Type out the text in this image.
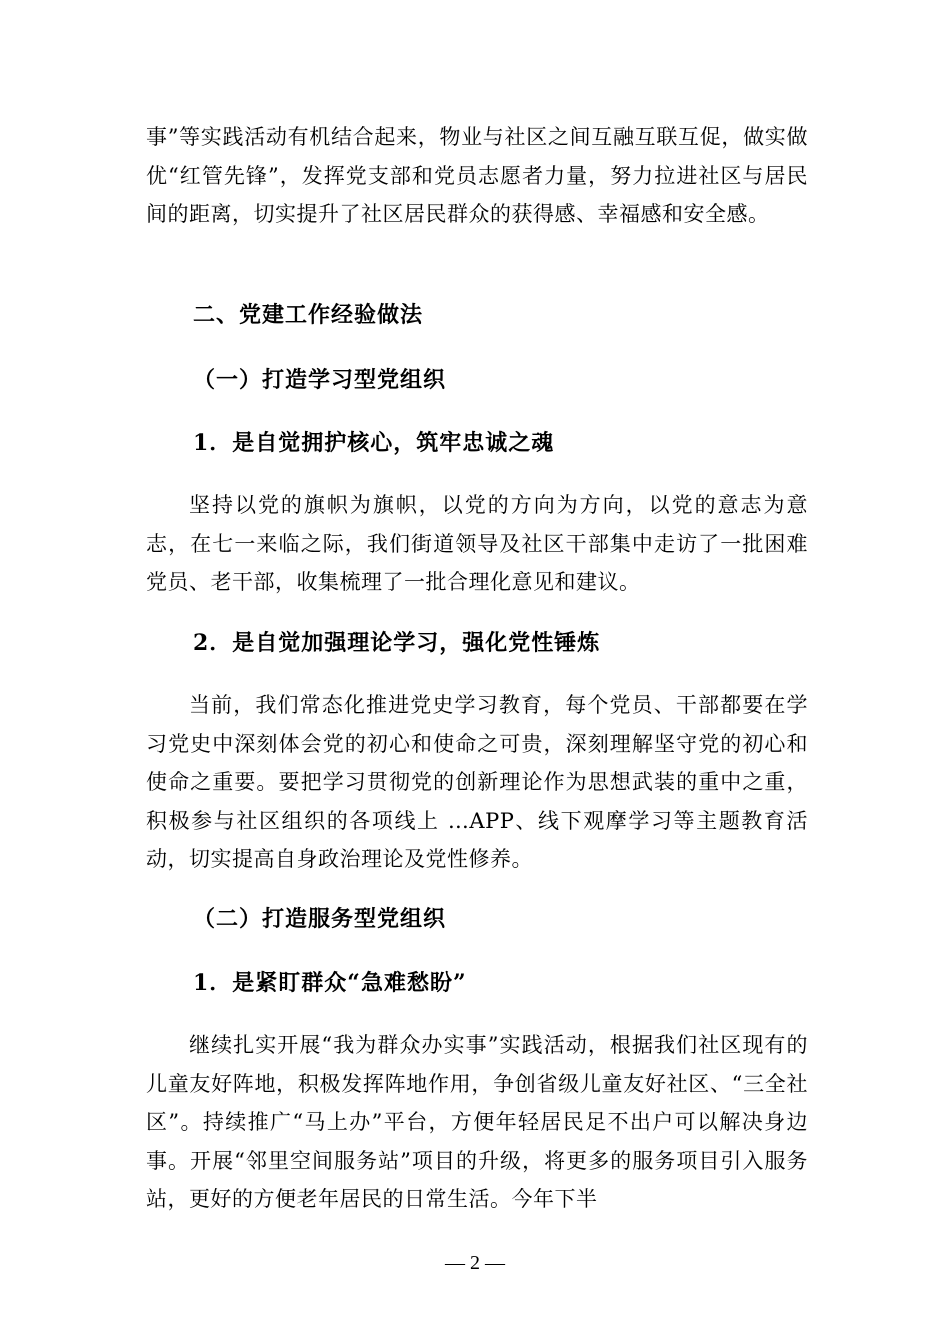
事”等实践活动有机结合起来，物业与社区之间互融互联互促，做实做优“红管先锋”，发挥党支部和党员志愿者力量，努力拉进社区与居民间的距离，切实提升了社区居民群众的获得感、幸福感和安全感。

二、党建工作经验做法
（一）打造学习型党组织
1．是自觉拥护核心，筑牢忠诚之魂

坚持以党的旗帜为旗帜，以党的方向为方向，以党的意志为意志，在七一来临之际，我们街道领导及社区干部集中走访了一批困难党员、老干部，收集梳理了一批合理化意见和建议。

2．是自觉加强理论学习，强化党性锤炼

当前，我们常态化推进党史学习教育，每个党员、干部都要在学习党史中深刻体会党的初心和使命之可贵，深刻理解坚守党的初心和使命之重要。要把学习贯彻党的创新理论作为思想武装的重中之重，积极参与社区组织的各项线上 …APP、线下观摩学习等主题教育活动，切实提高自身政治理论及党性修养。

（二）打造服务型党组织
1．是紧盯群众“急难愁盼”

继续扎实开展“我为群众办实事”实践活动，根据我们社区现有的儿童友好阵地，积极发挥阵地作用，争创省级儿童友好社区、“三全社区”。持续推广“马上办”平台，方便年轻居民足不出户可以解决身边事。开展“邻里空间服务站”项目的升级，将更多的服务项目引入服务站，更好的方便老年居民的日常生活。今年下半

— 2 —
